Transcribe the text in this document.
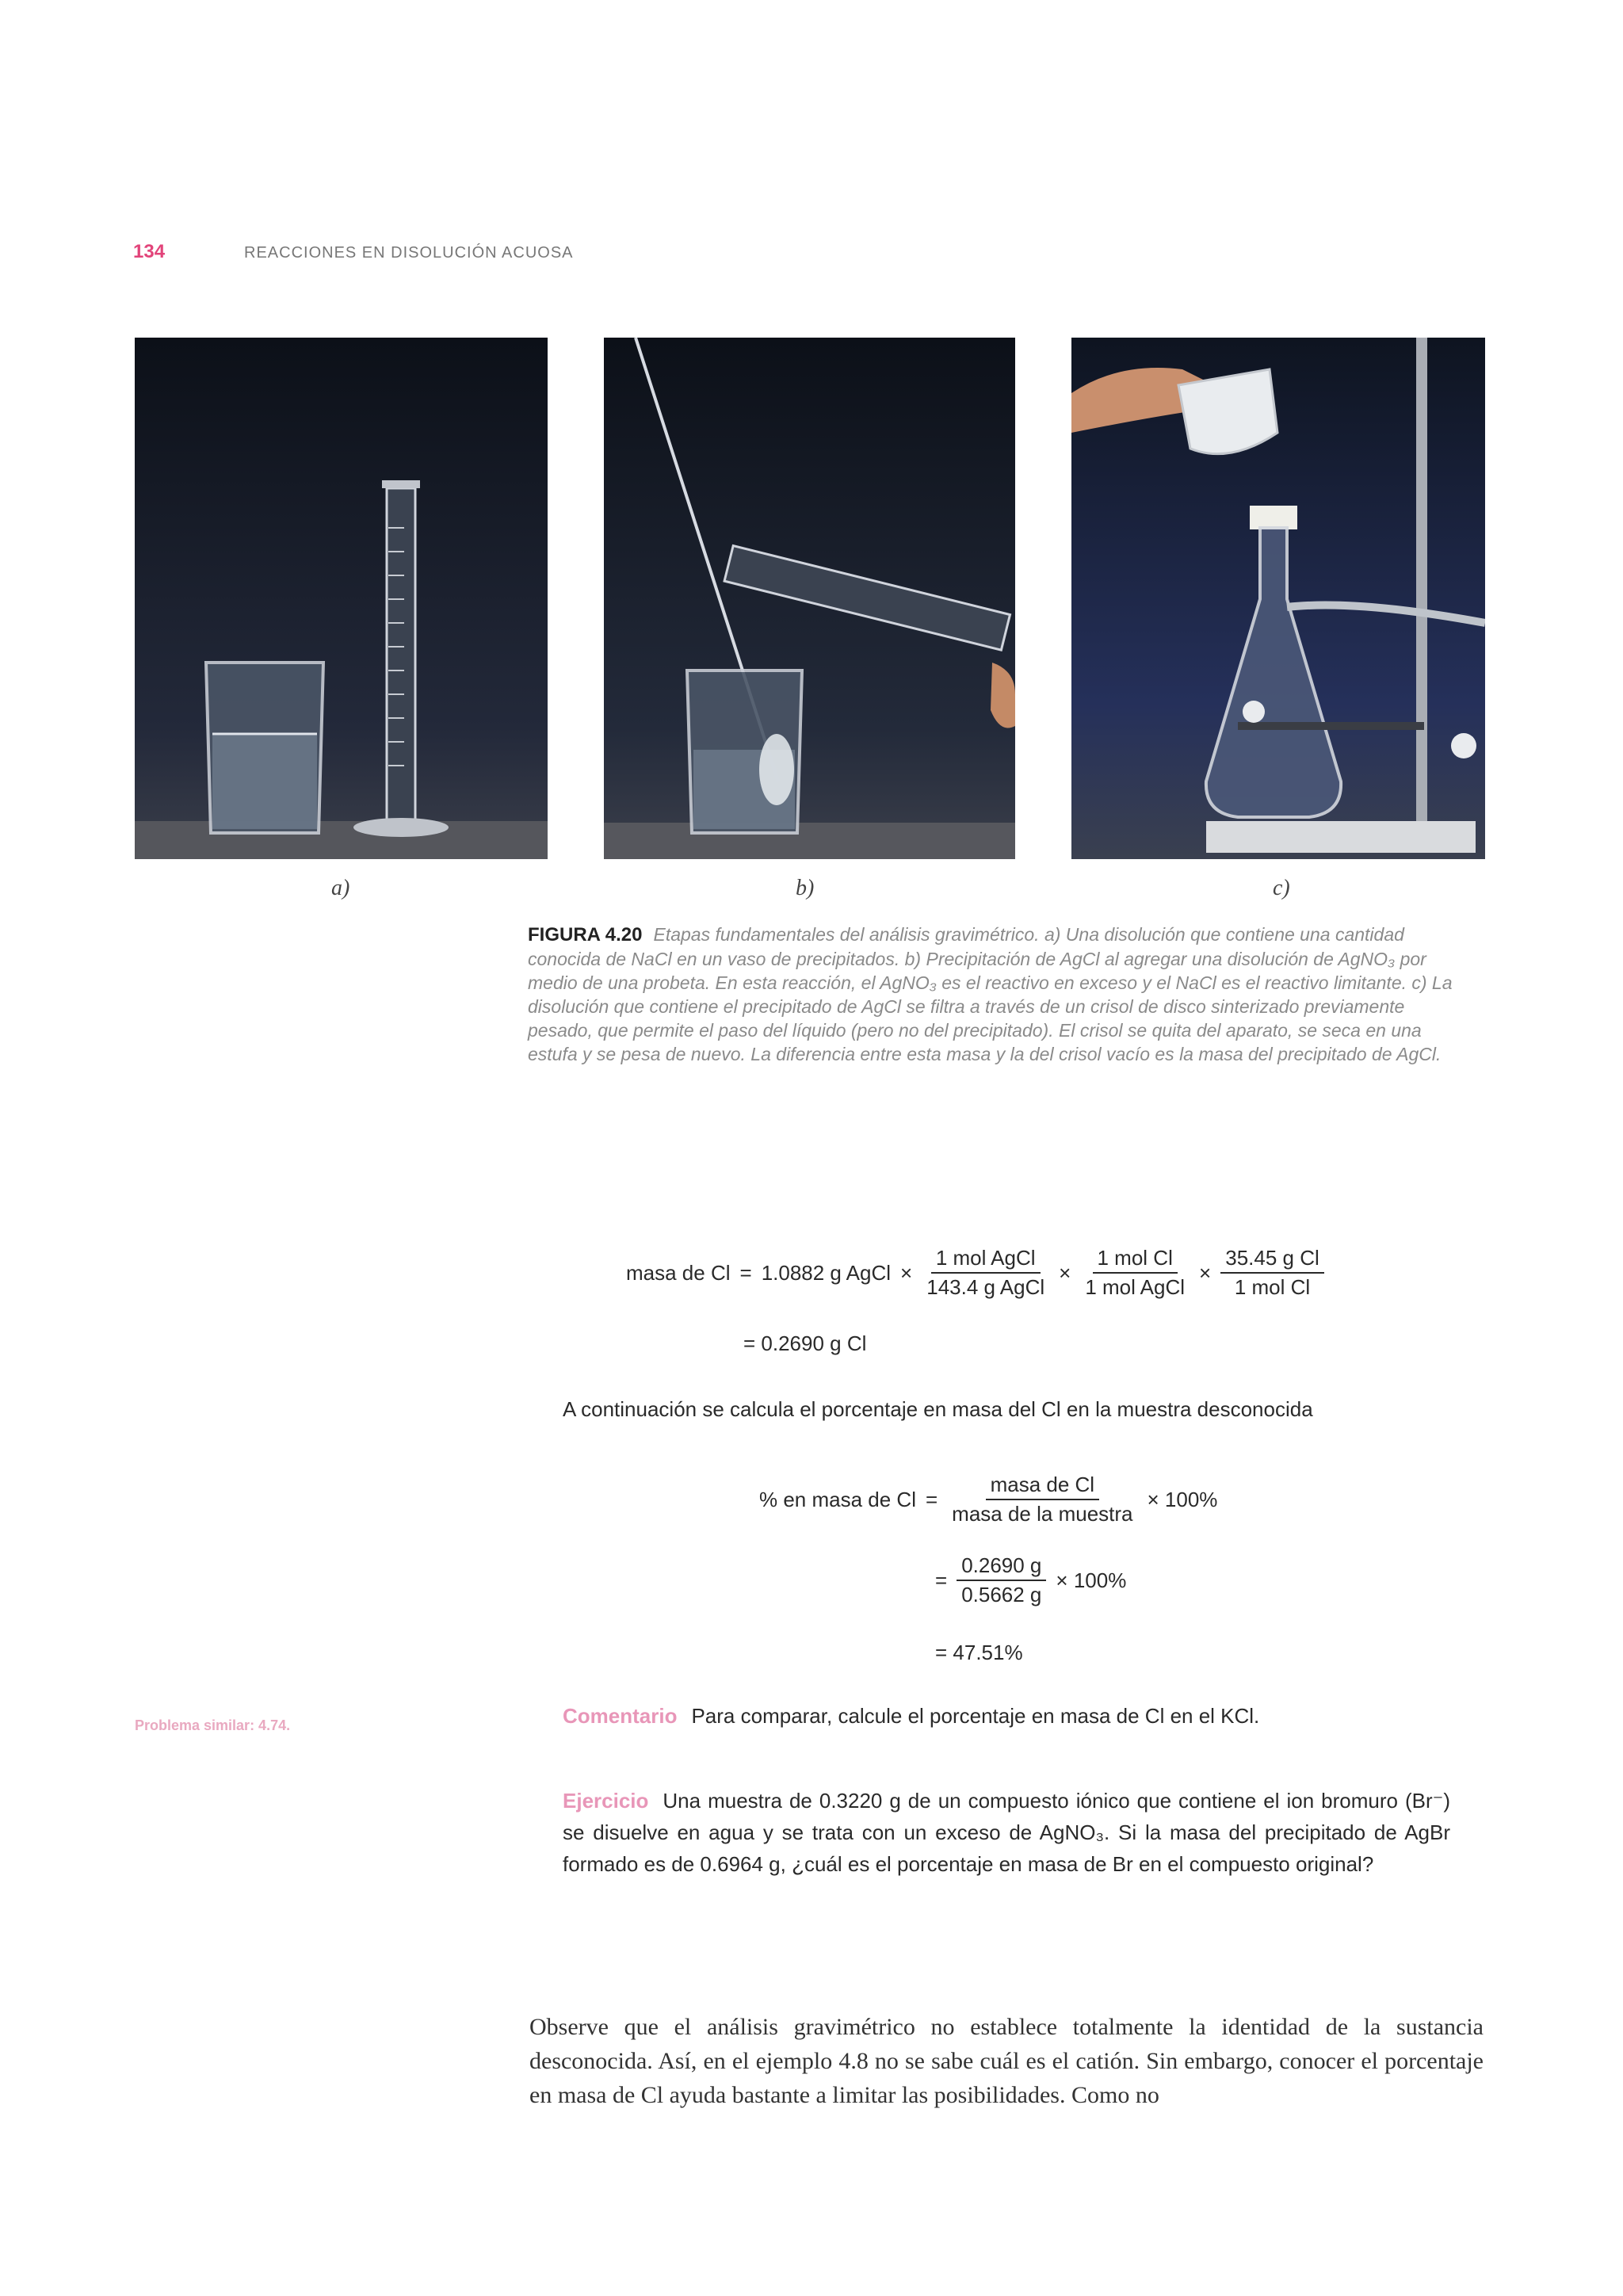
134	REACCIONES EN DISOLUCIÓN ACUOSA
a)	b)	c)
FIGURA 4.20 Etapas fundamentales del análisis gravimétrico. a) Una disolución que contiene una cantidad conocida de NaCl en un vaso de precipitados. b) Precipitación de AgCl al agregar una disolución de AgNO₃ por medio de una probeta. En esta reacción, el AgNO₃ es el reactivo en exceso y el NaCl es el reactivo limitante. c) La disolución que contiene el precipitado de AgCl se filtra a través de un crisol de disco sinterizado previamente pesado, que permite el paso del líquido (pero no del precipitado). El crisol se quita del aparato, se seca en una estufa y se pesa de nuevo. La diferencia entre esta masa y la del crisol vacío es la masa del precipitado de AgCl.
masa de Cl = 1.0882 g AgCl × $\frac{\text{1 mol AgCl}}{\text{143.4 g AgCl}} \times \frac{\text{1 mol Cl}}{\text{1 mol AgCl}} \times \frac{\text{35.45 g Cl}}{\text{1 mol Cl}}$
= 0.2690 g Cl
A continuación se calcula el porcentaje en masa del Cl en la muestra desconocida
% en masa de $Cl = \frac{\text{masa de Cl}}{\text{masa de la muestra}} \times 100\%$
= $\frac{0.2690 g}{0.5662 g} \times 100\%$
= 47.51%
Problema similar: 4.74.	Comentario Para comparar, calcule el porcentaje en masa de Cl en el KCl.
Ejercicio Una muestra de 0.3220 g de un compuesto iónico que contiene el ion bromuro (Br⁻) se disuelve en agua y se trata con un exceso de AgNO₃. Si la masa del precipitado de AgBr formado es de 0.6964 g, ¿cuál es el porcentaje en masa de Br en el compuesto original?
Observe que el análisis gravimétrico no establece totalmente la identidad de la sustancia desconocida. Así, en el ejemplo 4.8 no se sabe cuál es el catión. Sin embargo, conocer el porcentaje en masa de Cl ayuda bastante a limitar las posibilidades. Como no
